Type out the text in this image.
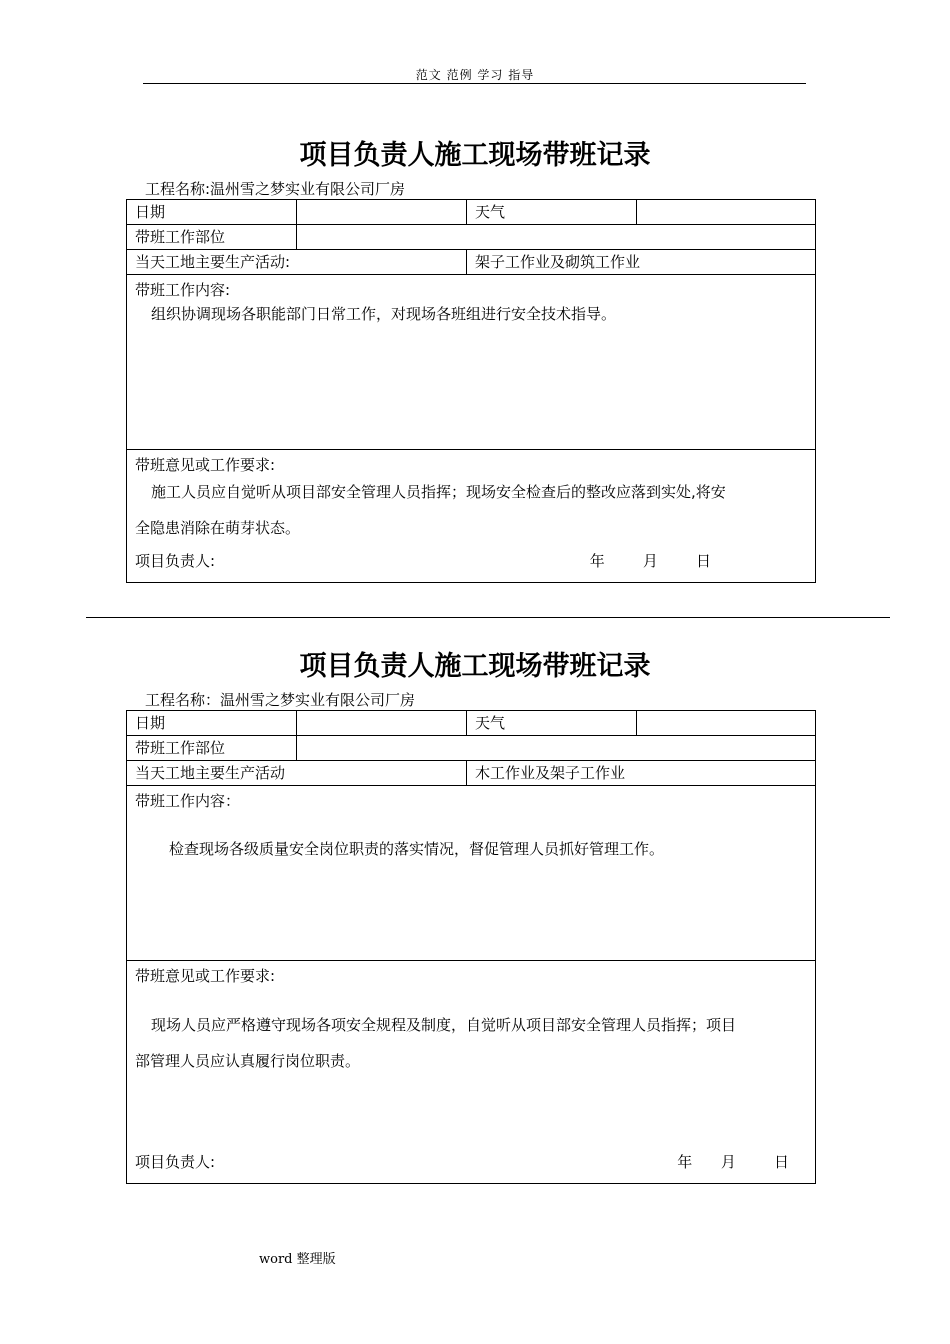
范文 范例 学习 指导
项目负责人施工现场带班记录
工程名称:温州雪之梦实业有限公司厂房
日期		天气	
带班工作部位			
当天工地主要生产活动:		架子工作业及砌筑工作业	

带班工作内容:
组织协调现场各职能部门日常工作，对现场各班组进行安全技术指导。			

带班意见或工作要求:
施工人员应自觉听从项目部安全管理人员指挥；现场安全检查后的整改应落到实处,将安
全隐患消除在萌芽状态。
项目负责人: 年        月        日			
项目负责人施工现场带班记录
工程名称：温州雪之梦实业有限公司厂房
日期		天气	
带班工作部位			
当天工地主要生产活动		木工作业及架子工作业	

带班工作内容：
检查现场各级质量安全岗位职责的落实情况，督促管理人员抓好管理工作。			

带班意见或工作要求:
现场人员应严格遵守现场各项安全规程及制度，自觉听从项目部安全管理人员指挥；项目
部管理人员应认真履行岗位职责。
项目负责人: 年      月        日			
word 整理版
